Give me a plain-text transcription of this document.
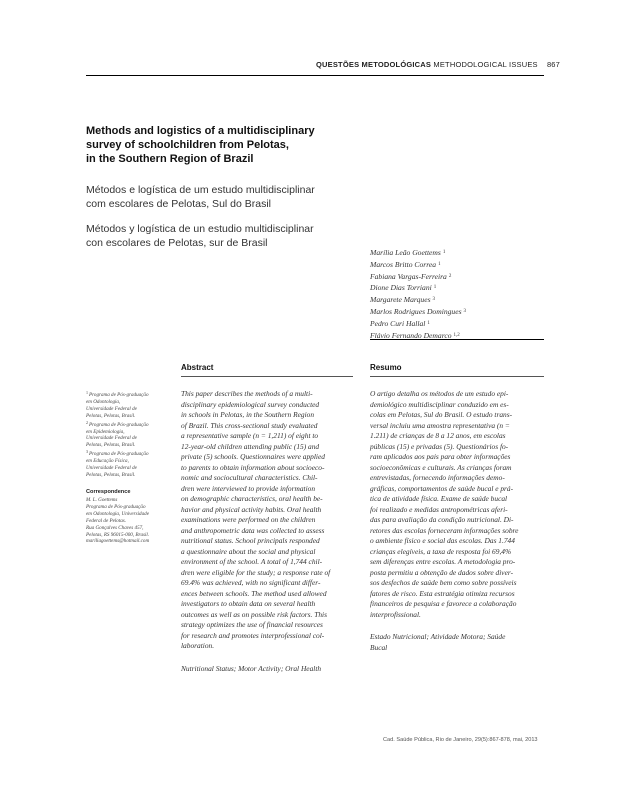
QUESTÕES METODOLÓGICAS METHODOLOGICAL ISSUES 867
Methods and logistics of a multidisciplinary
survey of schoolchildren from Pelotas,
in the Southern Region of Brazil
Métodos e logística de um estudo multidisciplinar
com escolares de Pelotas, Sul do Brasil
Métodos y logística de un estudio multidisciplinar
con escolares de Pelotas, sur de Brasil
Marília Leão Goettems $^1$
Marcos Britto Correa $^1$
Fabiana Vargas-Ferreira $^2$
Dione Dias Torriani $^1$
Margarete Marques $^3$
Marlos Rodrigues Domingues $^3$
Pedro Curi Hallal $^1$
Flávio Fernando Demarco $^{1,2}$
Abstract	Resumo
$^1$Programa de Pós-graduação
em Odontologia,
Universidade Federal de
Pelotas, Pelotas, Brasil.
$^2$Programa de Pós-graduação
em Epidemiologia,
Universidade Federal de
Pelotas, Pelotas, Brasil.
$^3$Programa de Pós-graduação
em Educação Física,
Universidade Federal de
Pelotas, Pelotas, Brasil.
Correspondence
M. L. Goettems
Programa de Pós-graduação
em Odontologia, Universidade
Federal de Pelotas.
Rua Gonçalves Chaves 457,
Pelotas, RS 96015-000, Brasil.
mariliagoettems@hotmail.com
This paper describes the methods of a multi-
disciplinary epidemiological survey conducted
in schools in Pelotas, in the Southern Region
of Brazil. This cross-sectional study evaluated
a representative sample (n = 1,211) of eight to
12-year-old children attending public (15) and
private (5) schools. Questionnaires were applied
to parents to obtain information about socioeco-
nomic and sociocultural characteristics. Chil-
dren were interviewed to provide information
on demographic characteristics, oral health be-
havior and physical activity habits. Oral health
examinations were performed on the children
and anthropometric data was collected to assess
nutritional status. School principals responded
a questionnaire about the social and physical
environment of the school. A total of 1,744 chil-
dren were eligible for the study; a response rate of
69.4% was achieved, with no significant differ-
ences between schools. The method used allowed
investigators to obtain data on several health
outcomes as well as on possible risk factors. This
strategy optimizes the use of financial resources
for research and promotes interprofessional col-
laboration.
Nutritional Status; Motor Activity; Oral Health
O artigo detalha os métodos de um estudo epi-
demiológico multidisciplinar conduzido em es-
colas em Pelotas, Sul do Brasil. O estudo trans-
versal incluiu uma amostra representativa (n =
1.211) de crianças de 8 a 12 anos, em escolas
públicas (15) e privadas (5). Questionários fo-
ram aplicados aos pais para obter informações
socioeconômicas e culturais. As crianças foram
entrevistadas, fornecendo informações demo-
gráficas, comportamentos de saúde bucal e prá-
tica de atividade física. Exame de saúde bucal
foi realizado e medidas antropométricas aferi-
das para avaliação da condição nutricional. Di-
retores das escolas forneceram informações sobre
o ambiente físico e social das escolas. Das 1.744
crianças elegíveis, a taxa de resposta foi 69,4%
sem diferenças entre escolas. A metodologia pro-
posta permitiu a obtenção de dados sobre diver-
sos desfechos de saúde bem como sobre possíveis
fatores de risco. Esta estratégia otimiza recursos
financeiros de pesquisa e favorece a colaboração
interprofissional.
Estado Nutricional; Atividade Motora; Saúde
Bucal
Cad. Saúde Pública, Rio de Janeiro, 29(5):867-878, mai, 2013
